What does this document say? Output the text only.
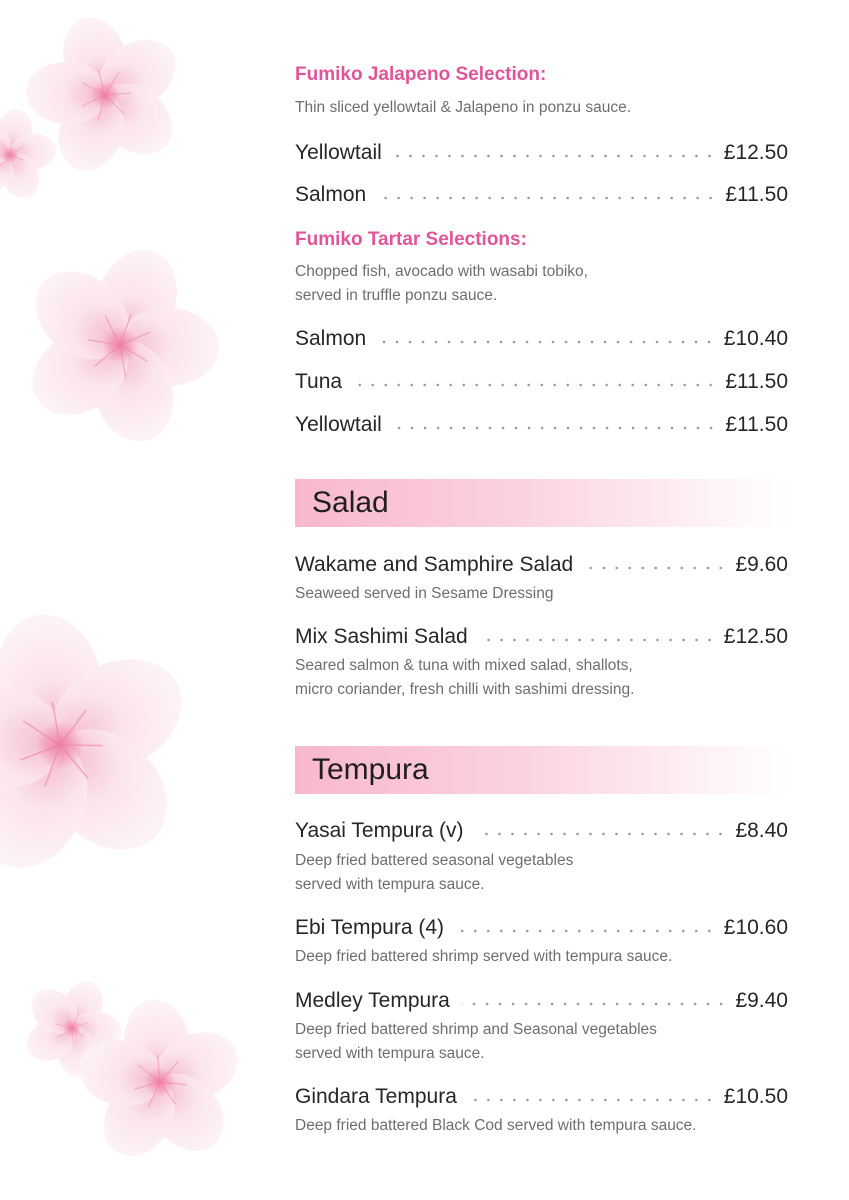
Fumiko Jalapeno Selection:

Thin sliced yellowtail & Jalapeno in ponzu sauce.

Yellowtail	£12.50
Salmon	£11.50
Fumiko Tartar Selections:

Chopped fish, avocado with wasabi tobiko,
served in truffle ponzu sauce.

Salmon	£10.40
Tuna	£11.50
Yellowtail	£11.50
Salad
Wakame and Samphire Salad	£9.60

Seaweed served in Sesame Dressing

Mix Sashimi Salad	£12.50

Seared salmon & tuna with mixed salad, shallots,
micro coriander, fresh chilli with sashimi dressing.

Tempura
Yasai Tempura (v)	£8.40

Deep fried battered seasonal vegetables
served with tempura sauce.

Ebi Tempura (4)	£10.60

Deep fried battered shrimp served with tempura sauce.

Medley Tempura	£9.40

Deep fried battered shrimp and Seasonal vegetables
served with tempura sauce.

Gindara Tempura	£10.50

Deep fried battered Black Cod served with tempura sauce.
